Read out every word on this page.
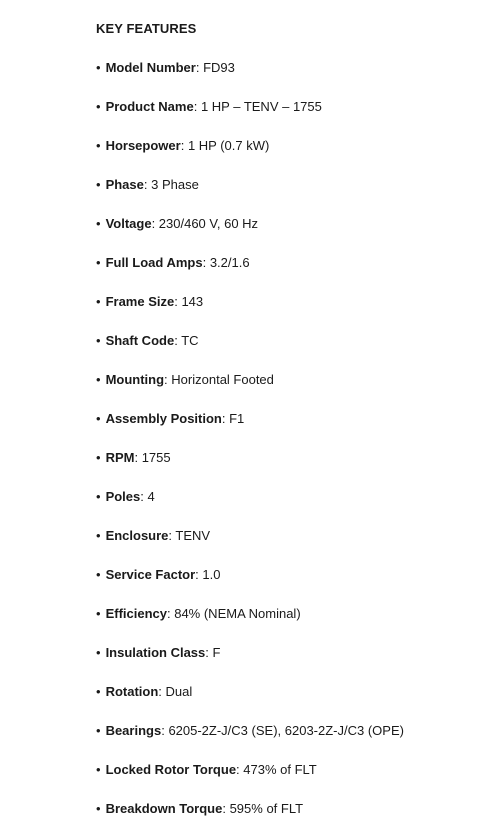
KEY FEATURES
• Model Number: FD93
• Product Name: 1 HP – TENV – 1755
• Horsepower: 1 HP (0.7 kW)
• Phase: 3 Phase
• Voltage: 230/460 V, 60 Hz
• Full Load Amps: 3.2/1.6
• Frame Size: 143
• Shaft Code: TC
• Mounting: Horizontal Footed
• Assembly Position: F1
• RPM: 1755
• Poles: 4
• Enclosure: TENV
• Service Factor: 1.0
• Efficiency: 84% (NEMA Nominal)
• Insulation Class: F
• Rotation: Dual
• Bearings: 6205-2Z-J/C3 (SE), 6203-2Z-J/C3 (OPE)
• Locked Rotor Torque: 473% of FLT
• Breakdown Torque: 595% of FLT
